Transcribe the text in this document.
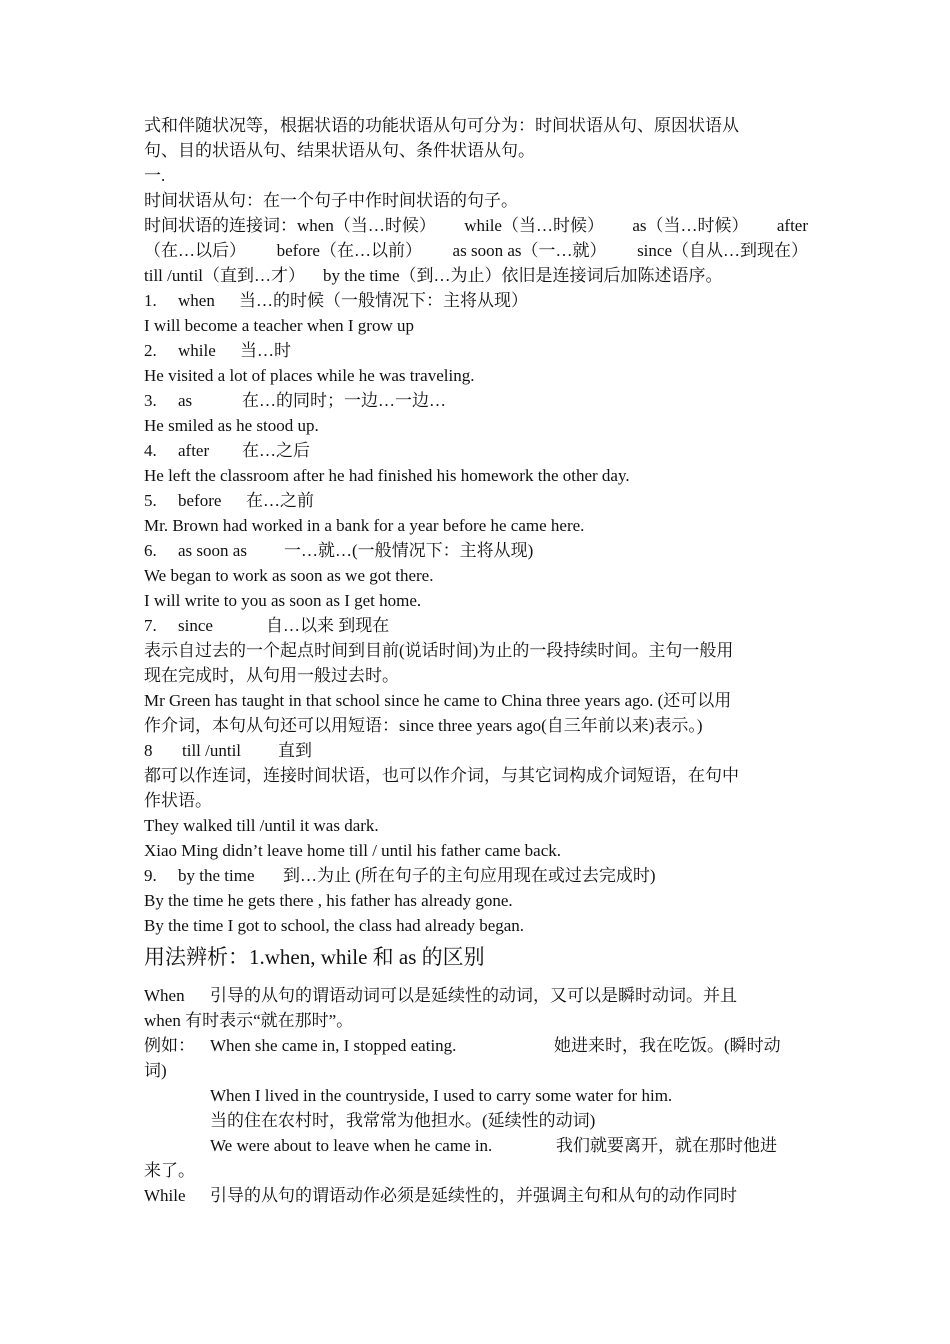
式和伴随状况等，根据状语的功能状语从句可分为：时间状语从句、原因状语从
句、目的状语从句、结果状语从句、条件状语从句。
一.
时间状语从句：在一个句子中作时间状语的句子。
时间状语的连接词：when（当…时候） while（当…时候） as（当…时候） after
（在…以后） before（在…以前） as soon as（一…就） since（自从…到现在）
till /until（直到…才） by the time（到…为止）依旧是连接词后加陈述语序。
1. when 当…的时候（一般情况下：主将从现）
I will become a teacher when I grow up
2. while 当…时
He visited a lot of places while he was traveling.
3. as	在…的同时；一边…一边…
He smiled as he stood up.
4. after 在…之后
He left the classroom after he had finished his homework the other day.
5. before 在…之前
Mr. Brown had worked in a bank for a year before he came here.
6. as soon as 一…就…(一般情况下：主将从现)
We began to work as soon as we got there.
I will write to you as soon as I get home.
7. since	自…以来 到现在
表示自过去的一个起点时间到目前(说话时间)为止的一段持续时间。主句一般用
现在完成时，从句用一般过去时。
Mr Green has taught in that school since he came to China three years ago. (还可以用
作介词，本句从句还可以用短语：since three years ago(自三年前以来)表示。)
8 till /until 直到
都可以作连词，连接时间状语，也可以作介词，与其它词构成介词短语，在句中
作状语。
They walked till /until it was dark.
Xiao Ming didn’t leave home till / until his father came back.
9. by the time 到…为止 (所在句子的主句应用现在或过去完成时)
By the time he gets there , his father has already gone.
By the time I got to school, the class had already began.
用法辨析：1.when, while 和 as 的区别
When 引导的从句的谓语动词可以是延续性的动词，又可以是瞬时动词。并且
when 有时表示“就在那时”。
例如： When she came in, I stopped eating.	她进来时，我在吃饭。(瞬时动
词)
When I lived in the countryside, I used to carry some water for him.
当的住在农村时，我常常为他担水。(延续性的动词)
We were about to leave when he came in.	我们就要离开，就在那时他进
来了。
While 引导的从句的谓语动作必须是延续性的，并强调主句和从句的动作同时
